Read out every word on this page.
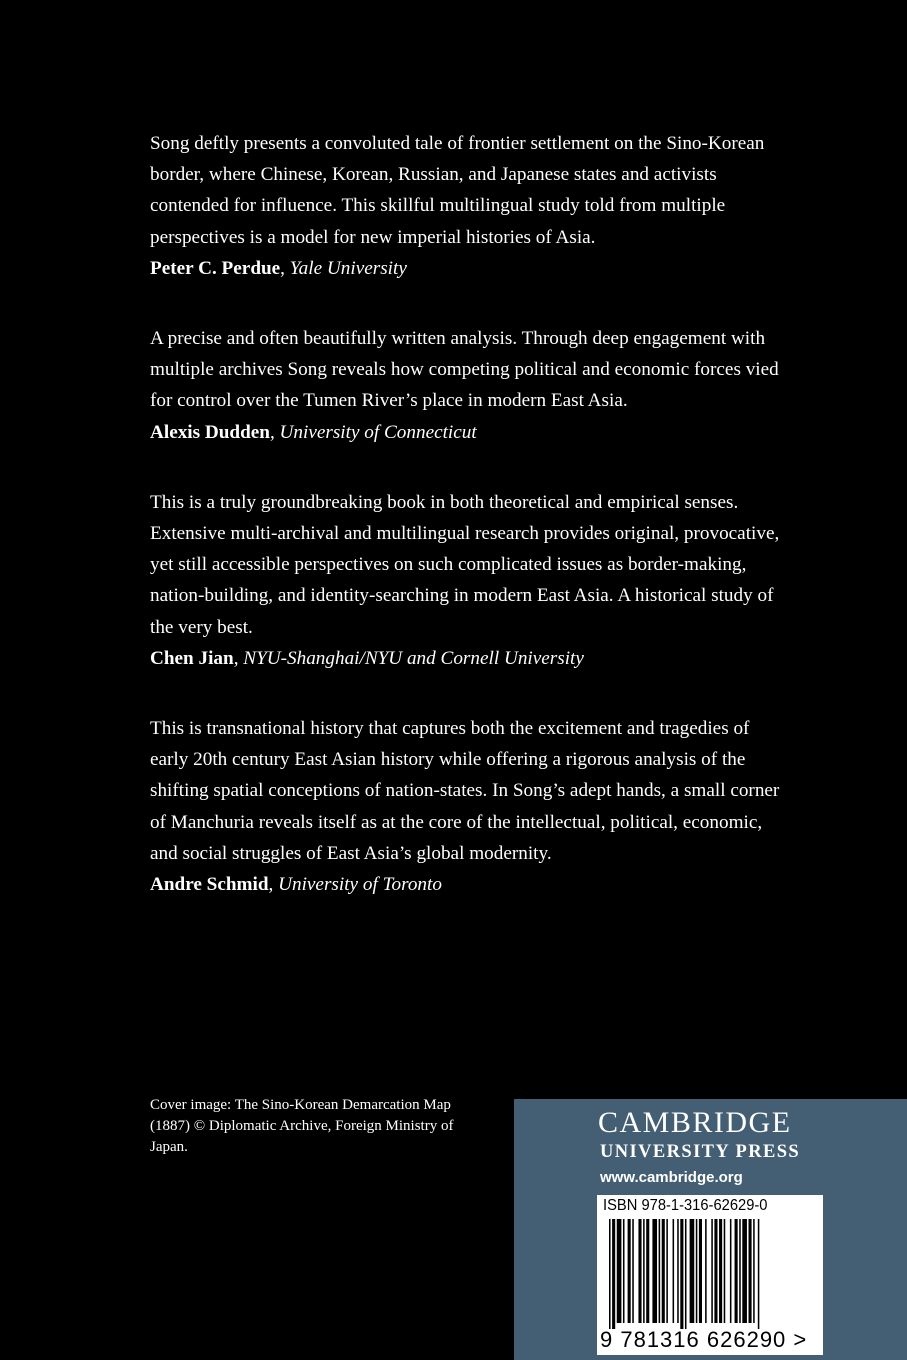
Song deftly presents a convoluted tale of frontier settlement on the Sino-Korean border, where Chinese, Korean, Russian, and Japanese states and activists contended for influence. This skillful multilingual study told from multiple perspectives is a model for new imperial histories of Asia.

Peter C. Perdue, Yale University

A precise and often beautifully written analysis. Through deep engagement with multiple archives Song reveals how competing political and economic forces vied for control over the Tumen River’s place in modern East Asia.

Alexis Dudden, University of Connecticut

This is a truly groundbreaking book in both theoretical and empirical senses. Extensive multi-archival and multilingual research provides original, provocative, yet still accessible perspectives on such complicated issues as border-making, nation-building, and identity-searching in modern East Asia. A historical study of the very best.

Chen Jian, NYU-Shanghai/NYU and Cornell University

This is transnational history that captures both the excitement and tragedies of early 20th century East Asian history while offering a rigorous analysis of the shifting spatial conceptions of nation-states. In Song’s adept hands, a small corner of Manchuria reveals itself as at the core of the intellectual, political, economic, and social struggles of East Asia’s global modernity.

Andre Schmid, University of Toronto

Cover image: The Sino-Korean Demarcation Map (1887) © Diplomatic Archive, Foreign Ministry of Japan.

CAMBRIDGE
UNIVERSITY PRESS
www.cambridge.org
ISBN 978-1-316-62629-0
9 781316 626290 >
